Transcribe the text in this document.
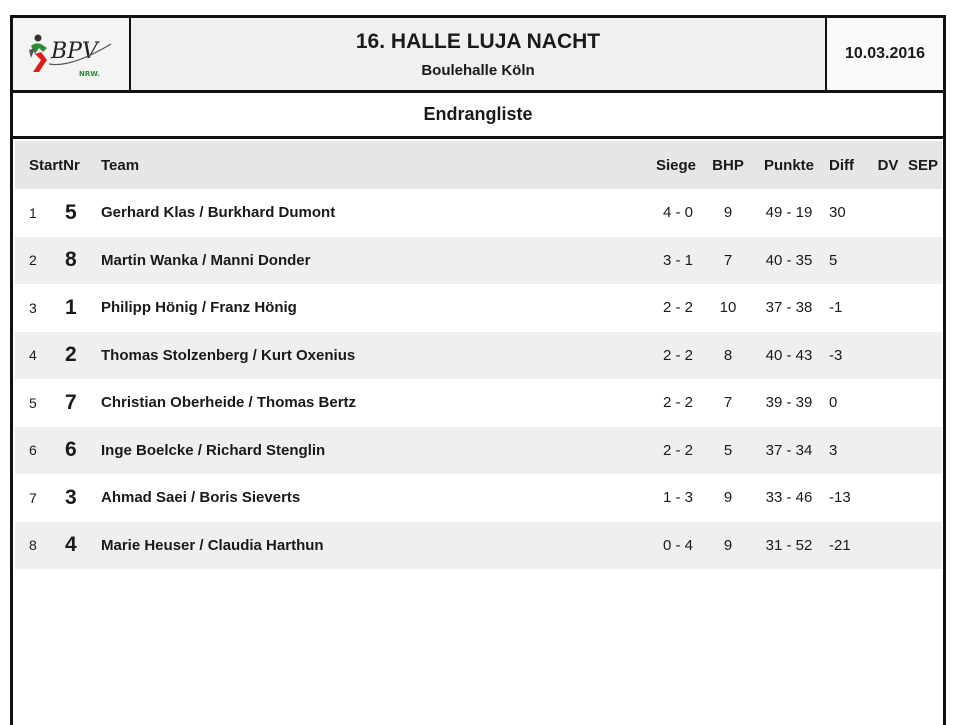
BPV
NRW.
16. HALLE LUJA NACHT
Boulehalle Köln
10.03.2016
Endrangliste
StartNr Team	Siege	BHP	Punkte	Diff	DV SEP
1 5 Gerhard Klas / Burkhard Dumont	4 - 0	9	49 - 19	30
2 8 Martin Wanka / Manni Donder	3 - 1	7	40 - 35	5
3 1 Philipp Hönig / Franz Hönig	2 - 2	10	37 - 38	-1
4 2 Thomas Stolzenberg / Kurt Oxenius	2 - 2	8	40 - 43	-3
5 7 Christian Oberheide / Thomas Bertz	2 - 2	7	39 - 39	0
6 6 Inge Boelcke / Richard Stenglin	2 - 2	5	37 - 34	3
7 3 Ahmad Saei / Boris Sieverts	1 - 3	9	33 - 46	-13
8 4 Marie Heuser / Claudia Harthun	0 - 4	9	31 - 52	-21
